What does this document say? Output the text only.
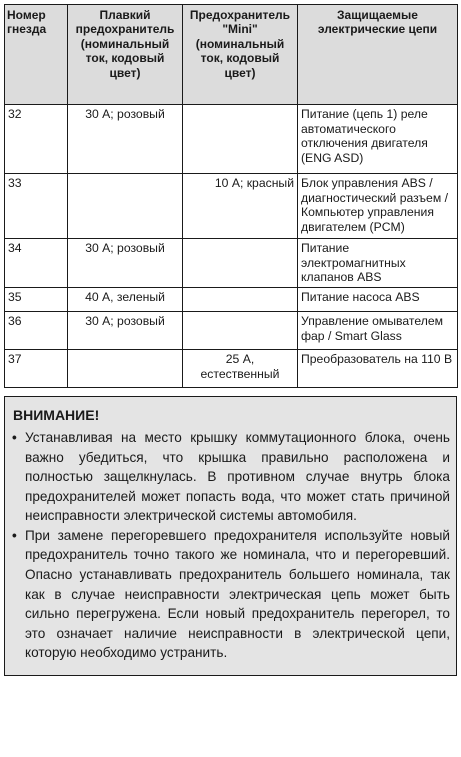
Номер гнезда	Плавкий предохранитель (номинальный ток, кодовый цвет)	Предохранитель "Mini" (номинальный ток, кодовый цвет)	Защищаемые электрические цепи
32	30 А; розовый		Питание (цепь 1) реле автоматического отключения двигателя (ENG ASD)
33		10 А; красный	Блок управления ABS / диагностический разъем / Компьютер управления двигателем (PCM)
34	30 А; розовый		Питание электромагнитных клапанов ABS
35	40 А, зеленый		Питание насоса ABS
36	30 А; розовый		Управление омывателем фар / Smart Glass
37		25 А, естественный	Преобразователь на 110 В
ВНИМАНИЕ!
• Устанавливая на место крышку коммутационного блока, очень важно убедиться, что крышка правильно расположена и полностью защелкнулась. В противном случае внутрь блока предохранителей может попасть вода, что может стать причиной неисправности электрической системы автомобиля.
• При замене перегоревшего предохранителя используйте новый предохранитель точно такого же номинала, что и перегоревший. Опасно устанавливать предохранитель большего номинала, так как в случае неисправности электрическая цепь может быть сильно перегружена. Если новый предохранитель перегорел, то это означает наличие неисправности в электрической цепи, которую необходимо устранить.
